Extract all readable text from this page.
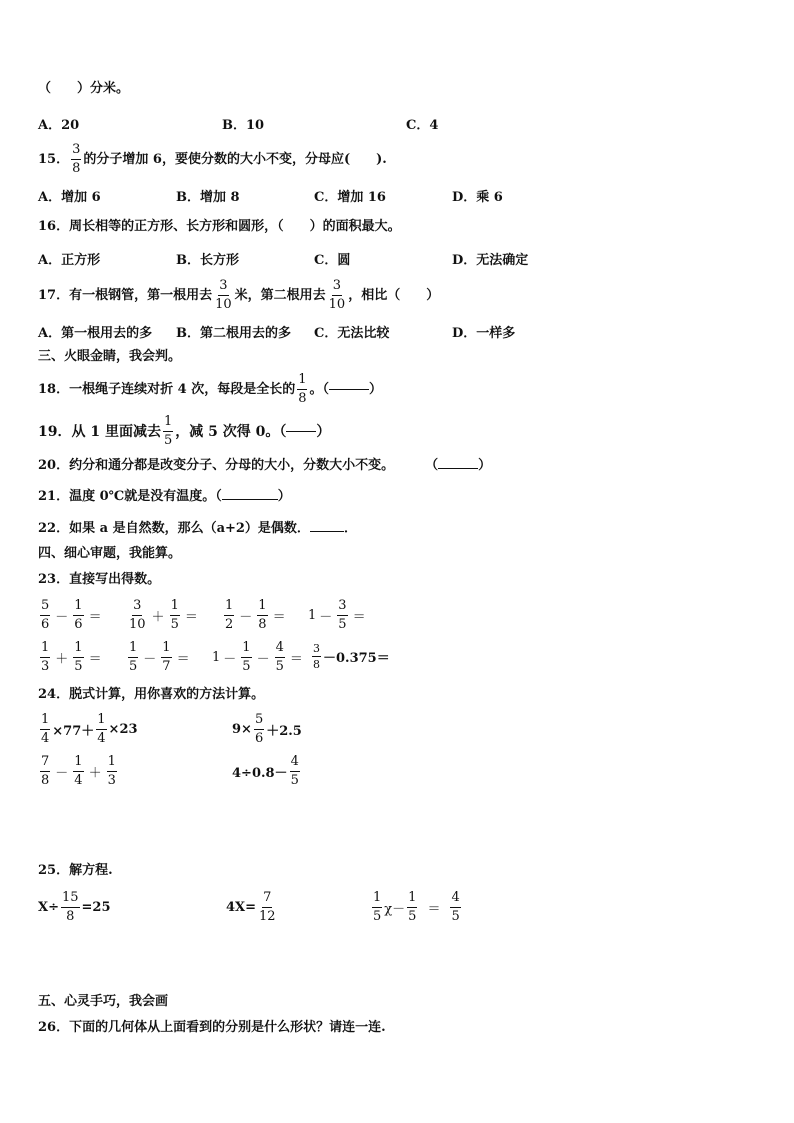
（　　）分米。
A．20	B．10	C．4
15． $\frac{3}{8}$ 的分子增加 6，要使分数的大小不变，分母应(　　).
A．增加 6	B．增加 8	C．增加 16	D．乘 6
16．周长相等的正方形、长方形和圆形，（　　）的面积最大。
A．正方形	B．长方形	C．圆	D．无法确定
17．有一根钢管，第一根用去 $\frac{3}{10}$ 米，第二根用去 $\frac{3}{10}$ ，相比（　　）
A．第一根用去的多 B．第二根用去的多 C．无法比较	D．一样多
三、火眼金睛，我会判。
18．一根绳子连续对折 4 次，每段是全长的 $\frac{1}{8}$ 。（	）
19．从 1 里面减去 $\frac{1}{5}$ ，减 5 次得 0。（ ）
20．约分和通分都是改变分子、分母的大小，分数大小不变。 （	）
21．温度 0℃就是没有温度。（	）
22．如果 a 是自然数，那么（a+2）是偶数．	．
四、细心审题，我能算。
23．直接写出得数。
$\frac{5}{6} - \frac{1}{6} = \frac{3}{10} + \frac{1}{5} = \frac{1}{2} - \frac{1}{8} = 1 - \frac{3}{5}$ ＝
$\frac{1}{3} + \frac{1}{5} = \frac{1}{5} - \frac{1}{7} = 1 - \frac{1}{5} - \frac{4}{5} = \frac{3}{8} -0.375=$
24．脱式计算，用你喜欢的方法计算。
$\frac{1}{4} \times 77+ \frac{1}{4} \times 23$	$9\times \frac{5}{6} +2.5$
$\frac{7}{8} - \frac{1}{4} + \frac{1}{3}$	$4\div 0.8- \frac{4}{5}$
25．解方程.
$X\div \frac{15}{8} =25$	$4X= \frac{7}{12}$	$\frac{1}{5} \chi- \frac{1}{5} = \frac{4}{5}$
五、心灵手巧，我会画
26．下面的几何体从上面看到的分别是什么形状？请连一连.
